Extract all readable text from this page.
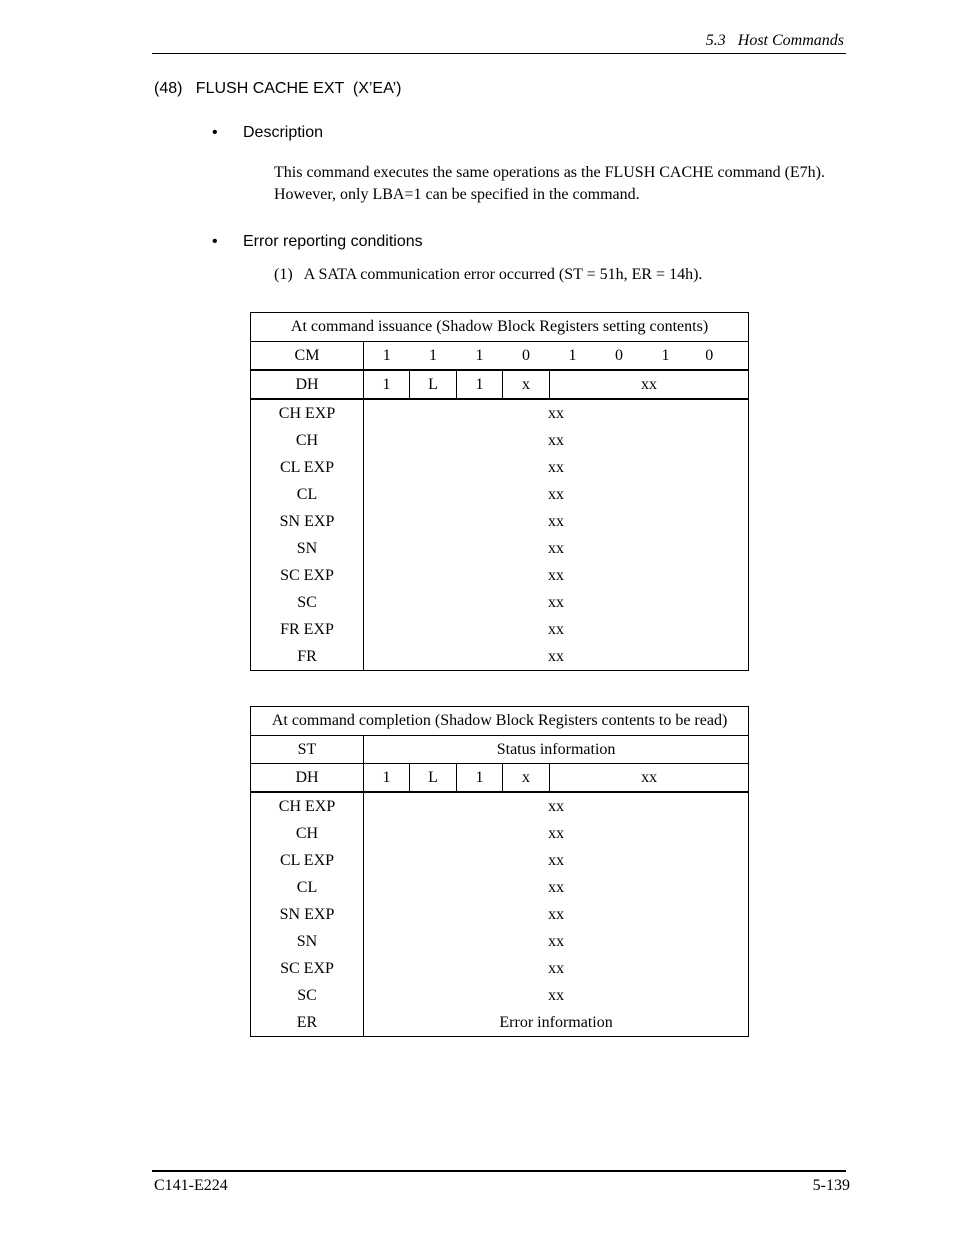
5.3   Host Commands
(48)   FLUSH CACHE EXT  (X’EA’)
• Description
This command executes the same operations as the FLUSH CACHE command (E7h). However, only LBA=1 can be specified in the command.
• Error reporting conditions
(1)   A SATA communication error occurred (ST = 51h, ER = 14h).
At command issuance (Shadow Block Registers setting contents)								
CM	1	1	1	0	1	0	1	0
DH	1	L	1	x	xx			
CH EXP	xx							
CH	xx							
CL EXP	xx							
CL	xx							
SN EXP	xx							
SN	xx							
SC EXP	xx							
SC	xx							
FR EXP	xx							
FR	xx							
At command completion (Shadow Block Registers contents to be read)					
ST	Status information				
DH	1	L	1	x	xx
CH EXP	xx				
CH	xx				
CL EXP	xx				
CL	xx				
SN EXP	xx				
SN	xx				
SC EXP	xx				
SC	xx				
ER	Error information				
C141-E224	5-139
